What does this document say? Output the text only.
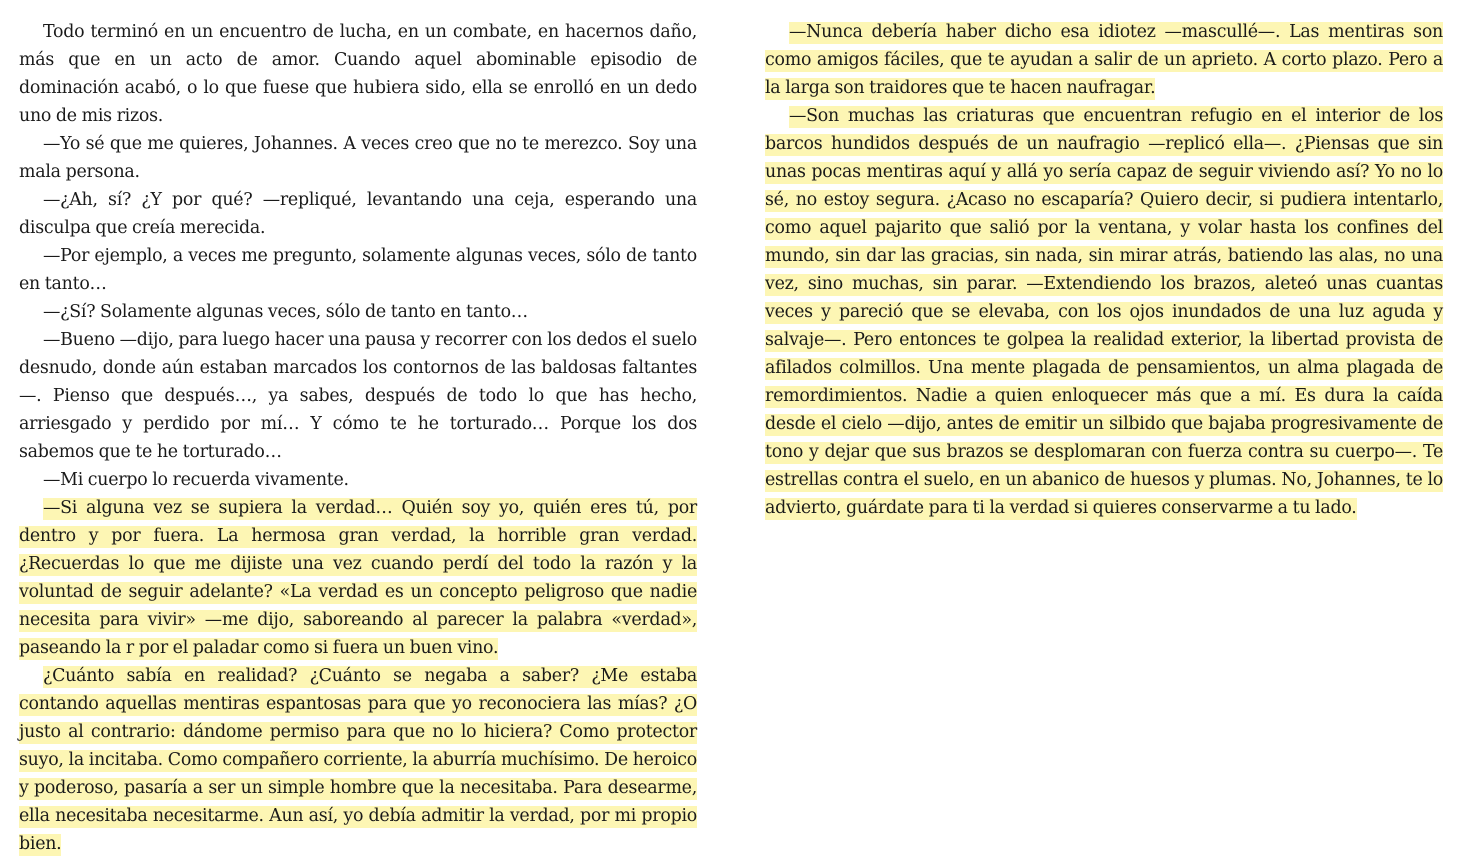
Todo terminó en un encuentro de lucha, en un combate, en hacernos daño, más que en un acto de amor. Cuando aquel abominable episodio de dominación acabó, o lo que fuese que hubiera sido, ella se enrolló en un dedo uno de mis rizos.

—Yo sé que me quieres, Johannes. A veces creo que no te merezco. Soy una mala persona.

—¿Ah, sí? ¿Y por qué? —repliqué, levantando una ceja, esperando una disculpa que creía merecida.

—Por ejemplo, a veces me pregunto, solamente algunas veces, sólo de tanto en tanto…

—¿Sí? Solamente algunas veces, sólo de tanto en tanto…

—Bueno —dijo, para luego hacer una pausa y recorrer con los dedos el suelo desnudo, donde aún estaban marcados los contornos de las baldosas faltantes—. Pienso que después…, ya sabes, después de todo lo que has hecho, arriesgado y perdido por mí… Y cómo te he torturado… Porque los dos sabemos que te he torturado…

—Mi cuerpo lo recuerda vivamente.

—Si alguna vez se supiera la verdad… Quién soy yo, quién eres tú, por dentro y por fuera. La hermosa gran verdad, la horrible gran verdad. ¿Recuerdas lo que me dijiste una vez cuando perdí del todo la razón y la voluntad de seguir adelante? «La verdad es un concepto peligroso que nadie necesita para vivir» —me dijo, saboreando al parecer la palabra «verdad», paseando la r por el paladar como si fuera un buen vino.

¿Cuánto sabía en realidad? ¿Cuánto se negaba a saber? ¿Me estaba contando aquellas mentiras espantosas para que yo reconociera las mías? ¿O justo al contrario: dándome permiso para que no lo hiciera? Como protector suyo, la incitaba. Como compañero corriente, la aburría muchísimo. De heroico y poderoso, pasaría a ser un simple hombre que la necesitaba. Para desearme, ella necesitaba necesitarme. Aun así, yo debía admitir la verdad, por mi propio bien.

—Nunca debería haber dicho esa idiotez —mascullé—. Las mentiras son como amigos fáciles, que te ayudan a salir de un aprieto. A corto plazo. Pero a la larga son traidores que te hacen naufragar.

—Son muchas las criaturas que encuentran refugio en el interior de los barcos hundidos después de un naufragio —replicó ella—. ¿Piensas que sin unas pocas mentiras aquí y allá yo sería capaz de seguir viviendo así? Yo no lo sé, no estoy segura. ¿Acaso no escaparía? Quiero decir, si pudiera intentarlo, como aquel pajarito que salió por la ventana, y volar hasta los confines del mundo, sin dar las gracias, sin nada, sin mirar atrás, batiendo las alas, no una vez, sino muchas, sin parar. —Extendiendo los brazos, aleteó unas cuantas veces y pareció que se elevaba, con los ojos inundados de una luz aguda y salvaje—. Pero entonces te golpea la realidad exterior, la libertad provista de afilados colmillos. Una mente plagada de pensamientos, un alma plagada de remordimientos. Nadie a quien enloquecer más que a mí. Es dura la caída desde el cielo —dijo, antes de emitir un silbido que bajaba progresivamente de tono y dejar que sus brazos se desplomaran con fuerza contra su cuerpo—. Te estrellas contra el suelo, en un abanico de huesos y plumas. No, Johannes, te lo advierto, guárdate para ti la verdad si quieres conservarme a tu lado.
